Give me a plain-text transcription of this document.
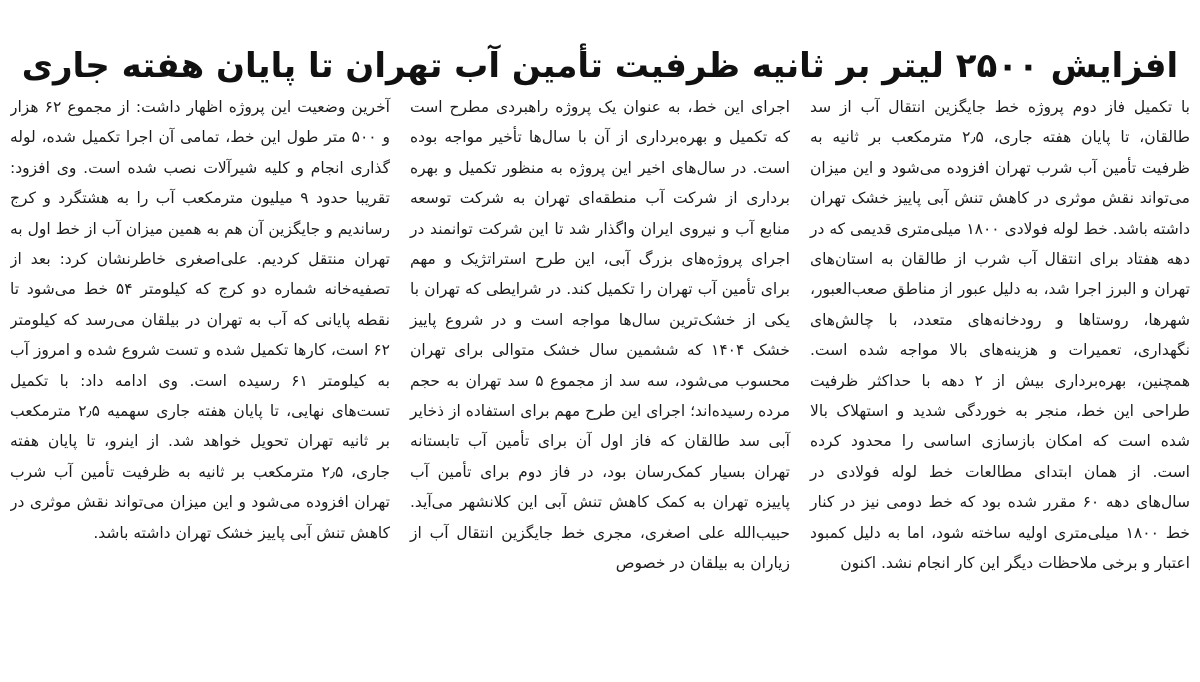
افزایش ۲۵۰۰ لیتر بر ثانیه ظرفیت تأمین آب تهران تا پایان هفته جاری

با تکمیل فاز دوم پروژه خط جایگزین انتقال آب از سد طالقان، تا پایان هفته جاری، ۲٫۵ مترمکعب بر ثانیه به ظرفیت تأمین آب شرب تهران افزوده می‌شود و این میزان می‌تواند نقش موثری در کاهش تنش آبی پاییز خشک تهران داشته باشد. خط لوله فولادی ۱۸۰۰ میلی‌متری قدیمی که در دهه هفتاد برای انتقال آب شرب از طالقان به استان‌های تهران و البرز اجرا شد، به دلیل عبور از مناطق صعب‌العبور، شهرها، روستاها و رودخانه‌های متعدد، با چالش‌های نگهداری، تعمیرات و هزینه‌های بالا مواجه شده است. همچنین، بهره‌برداری بیش از ۲ دهه با حداکثر ظرفیت طراحی این خط، منجر به خوردگی شدید و استهلاک بالا شده است که امکان بازسازی اساسی را محدود کرده است. از همان ابتدای مطالعات خط لوله فولادی در سال‌های دهه ۶۰ مقرر شده بود که خط دومی نیز در کنار خط ۱۸۰۰ میلی‌متری اولیه ساخته شود، اما به دلیل کمبود اعتبار و برخی ملاحظات دیگر این کار انجام نشد. اکنون

اجرای این خط، به عنوان یک پروژه راهبردی مطرح است که تکمیل و بهره‌برداری از آن با سال‌ها تأخیر مواجه بوده است. در سال‌های اخیر این پروژه به منظور تکمیل و بهره برداری از شرکت آب منطقه‌ای تهران به شرکت توسعه منابع آب و نیروی ایران واگذار شد تا این شرکت توانمند در اجرای پروژه‌های بزرگ آبی، این طرح استراتژیک و مهم برای تأمین آب تهران را تکمیل کند. در شرایطی که تهران با یکی از خشک‌ترین سال‌ها مواجه است و در شروع پاییز خشک ۱۴۰۴ که ششمین سال خشک متوالی برای تهران محسوب می‌شود، سه سد از مجموع ۵ سد تهران به حجم مرده رسیده‌اند؛ اجرای این طرح مهم برای استفاده از ذخایر آبی سد طالقان که فاز اول آن برای تأمین آب تابستانه تهران بسیار کمک‌رسان بود، در فاز دوم برای تأمین آب پاییزه تهران به کمک کاهش تنش آبی این کلانشهر می‌آید. حبیب‌الله علی اصغری، مجری خط جایگزین انتقال آب از زیاران به بیلقان در خصوص

آخرین وضعیت این پروژه اظهار داشت: از مجموع ۶۲ هزار و ۵۰۰ متر طول این خط، تمامی آن اجرا تکمیل شده، لوله گذاری انجام و کلیه شیرآلات نصب شده است. وی افزود: تقریبا حدود ۹ میلیون مترمکعب آب را به هشتگرد و کرج رساندیم و جایگزین آن هم به همین میزان آب از خط اول به تهران منتقل کردیم. علی‌اصغری خاطرنشان کرد: بعد از تصفیه‌خانه شماره دو کرج که کیلومتر ۵۴ خط می‌شود تا نقطه پایانی که آب به تهران در بیلقان می‌رسد که کیلومتر ۶۲ است، کارها تکمیل شده و تست شروع شده و امروز آب به کیلومتر ۶۱ رسیده است. وی ادامه داد: با تکمیل تست‌های نهایی، تا پایان هفته جاری سهمیه ۲٫۵ مترمکعب بر ثانیه تهران تحویل خواهد شد. از اینرو، تا پایان هفته جاری، ۲٫۵ مترمکعب بر ثانیه به ظرفیت تأمین آب شرب تهران افزوده می‌شود و این میزان می‌تواند نقش موثری در کاهش تنش آبی پاییز خشک تهران داشته باشد.
